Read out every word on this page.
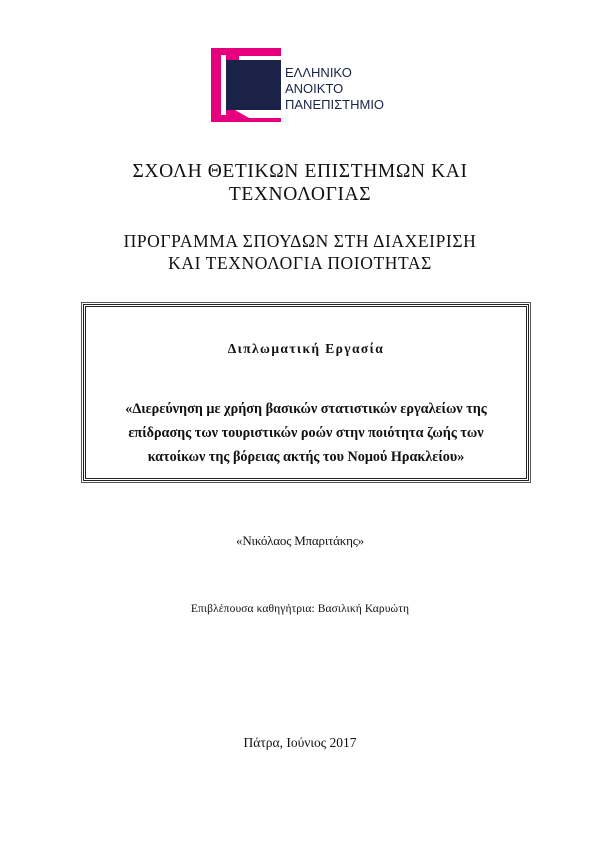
ΕΛΛΗΝΙΚΟ
ΑΝΟΙΚΤΟ
ΠΑΝΕΠΙΣΤΗΜΙΟ
ΣΧΟΛΗ ΘΕΤΙΚΩΝ ΕΠΙΣΤΗΜΩΝ ΚΑΙ
ΤΕΧΝΟΛΟΓΙΑΣ
ΠΡΟΓΡΑΜΜΑ ΣΠΟΥΔΩΝ ΣΤΗ ΔΙΑΧΕΙΡΙΣΗ
ΚΑΙ ΤΕΧΝΟΛΟΓΙΑ ΠΟΙΟΤΗΤΑΣ
Διπλωματική Εργασία
«Διερεύνηση με χρήση βασικών στατιστικών εργαλείων της
επίδρασης των τουριστικών ροών στην ποιότητα ζωής των
κατοίκων της βόρειας ακτής του Νομού Ηρακλείου»
«Νικόλαος Μπαριτάκης»
Επιβλέπουσα καθηγήτρια: Βασιλική Καρυώτη
Πάτρα, Ιούνιος 2017
